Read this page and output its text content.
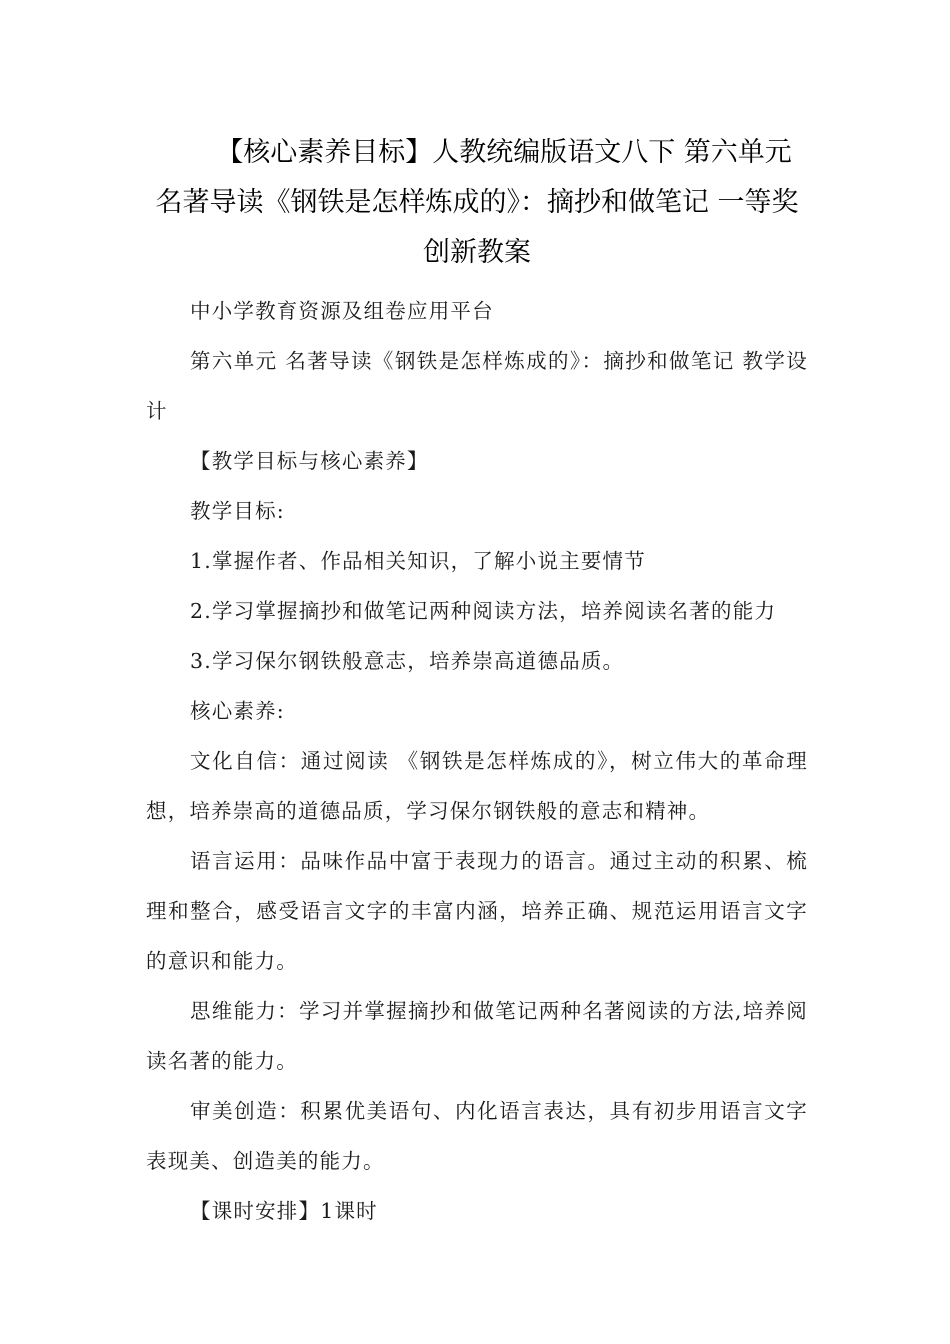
【核心素养目标】人教统编版语文八下 第六单元 名著导读《钢铁是怎样炼成的》：摘抄和做笔记 一等奖创新教案

中小学教育资源及组卷应用平台

第六单元 名著导读《钢铁是怎样炼成的》：摘抄和做笔记 教学设计

【教学目标与核心素养】

教学目标:

1.掌握作者、作品相关知识，了解小说主要情节

2.学习掌握摘抄和做笔记两种阅读方法，培养阅读名著的能力

3.学习保尔钢铁般意志，培养崇高道德品质。

核心素养:

文化自信：通过阅读 《钢铁是怎样炼成的》，树立伟大的革命理想，培养崇高的道德品质，学习保尔钢铁般的意志和精神。

语言运用：品味作品中富于表现力的语言。通过主动的积累、梳理和整合，感受语言文字的丰富内涵，培养正确、规范运用语言文字的意识和能力。

思维能力：学习并掌握摘抄和做笔记两种名著阅读的方法,培养阅读名著的能力。

审美创造：积累优美语句、内化语言表达，具有初步用语言文字表现美、创造美的能力。

【课时安排】1课时
